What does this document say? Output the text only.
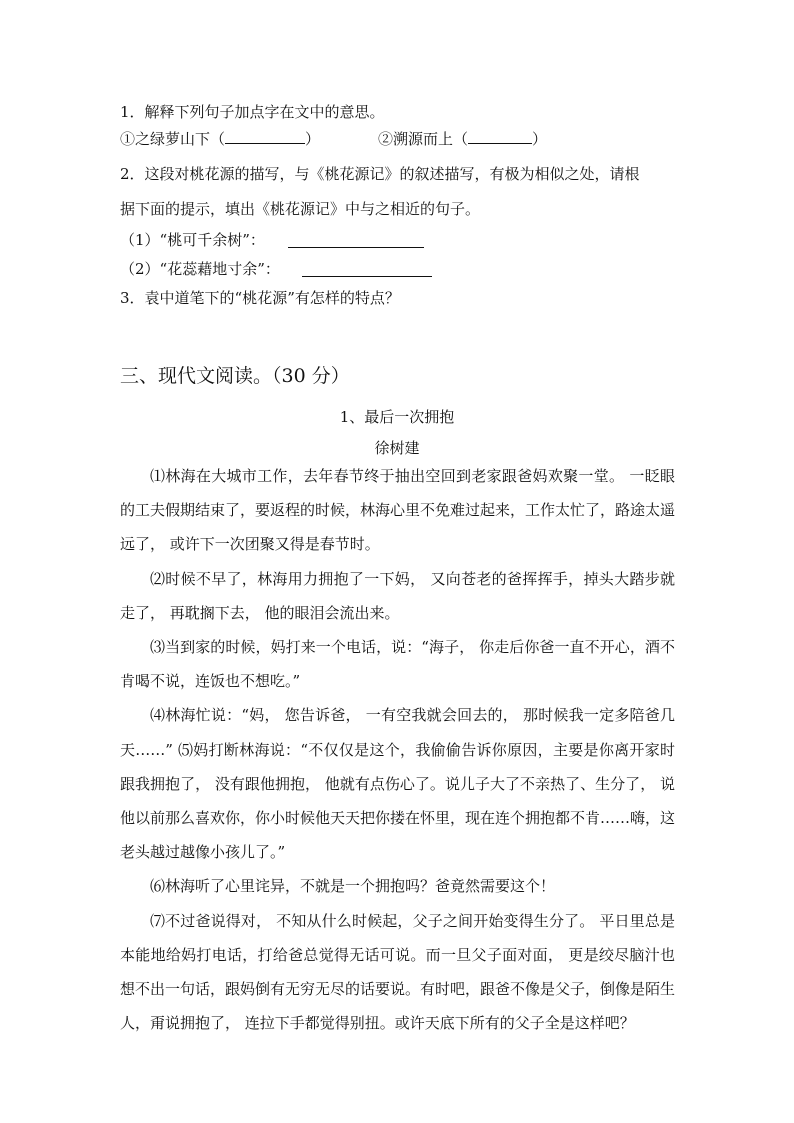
1．解释下列句子加点字在文中的意思。
①之绿萝山下（	）	②溯源而上（	）
2．这段对桃花源的描写，与《桃花源记》的叙述描写，有极为相似之处，请根
据下面的提示，填出《桃花源记》中与之相近的句子。
（1）“桃可千余树”：
（2）“花蕊藉地寸余”：
3．袁中道笔下的“桃花源”有怎样的特点？
三、现代文阅读。（30 分）
1、最后一次拥抱
徐树建

⑴林海在大城市工作，去年春节终于抽出空回到老家跟爸妈欢聚一堂。 一眨眼的工夫假期结束了，要返程的时候，林海心里不免难过起来，工作太忙了，路途太遥远了， 或许下一次团聚又得是春节时。

⑵时候不早了，林海用力拥抱了一下妈， 又向苍老的爸挥挥手，掉头大踏步就走了， 再耽搁下去， 他的眼泪会流出来。

⑶当到家的时候，妈打来一个电话，说：“海子， 你走后你爸一直不开心，酒不肯喝不说，连饭也不想吃。”

⑷林海忙说：“妈， 您告诉爸， 一有空我就会回去的， 那时候我一定多陪爸几天……” ⑸妈打断林海说：“不仅仅是这个，我偷偷告诉你原因，主要是你离开家时跟我拥抱了， 没有跟他拥抱， 他就有点伤心了。说儿子大了不亲热了、生分了， 说他以前那么喜欢你，你小时候他天天把你搂在怀里，现在连个拥抱都不肯……嗨，这老头越过越像小孩儿了。”

⑹林海听了心里诧异，不就是一个拥抱吗？爸竟然需要这个！

⑺不过爸说得对， 不知从什么时候起，父子之间开始变得生分了。 平日里总是本能地给妈打电话，打给爸总觉得无话可说。而一旦父子面对面， 更是绞尽脑汁也想不出一句话，跟妈倒有无穷无尽的话要说。有时吧，跟爸不像是父子，倒像是陌生人，甭说拥抱了， 连拉下手都觉得别扭。或许天底下所有的父子全是这样吧？
